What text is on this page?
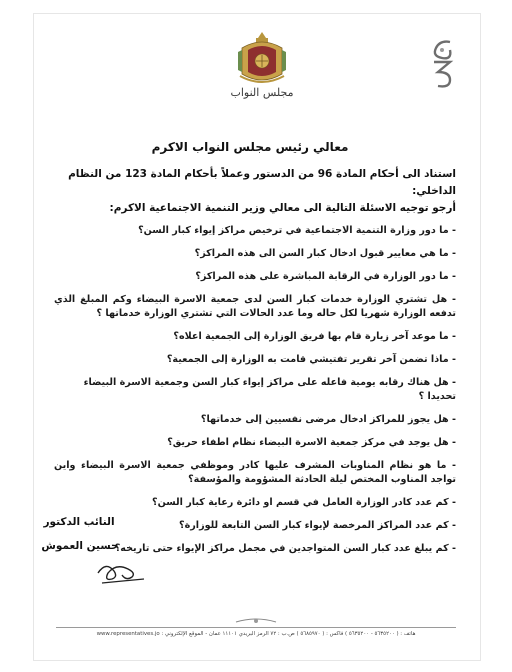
مجلس النواب
معالي رئيس مجلس النواب الاكرم
استناد الى أحكام المادة 96 من الدستور وعملاً بأحكام المادة 123 من النظام الداخلي:
أرجو توجيه الاسئلة التالية الى معالي وزير التنمية الاجتماعية الاكرم:
- ما دور وزارة التنمية الاجتماعية في ترخيص مراكز إيواء كبار السن؟
- ما هي معايير قبول ادخال كبار السن الى هذه المراكز؟
- ما دور الوزارة في الرقابة المباشرة على هذه المراكز؟
- هل تشتري الوزارة خدمات كبار السن لدى جمعية الاسرة البيضاء وكم المبلغ الذي تدفعه الوزارة شهريا لكل حاله وما عدد الحالات التي تشتري الوزارة خدماتها ؟
- ما موعد آخر زيارة قام بها فريق الوزارة إلى الجمعية اعلاه؟
- ماذا تضمن آخر تقرير تفتيشي قامت به الوزارة إلى الجمعية؟
- هل هناك رقابه يومية فاعله على مراكز إيواء كبار السن وجمعية الاسرة البيضاء تحديدا ؟
- هل يجوز للمراكز ادخال مرضى نفسيين إلى خدماتها؟
- هل يوجد في مركز جمعية الاسرة البيضاء نظام اطفاء حريق؟
- ما هو نظام المناوبات المشرف عليها كادر وموظفي جمعية الاسرة البيضاء واين تواجد المناوب المختص ليلة الحادثة المشؤومة والمؤسفة؟
- كم عدد كادر الوزارة العامل في قسم او دائرة رعاية كبار السن؟
- كم عدد المراكز المرخصة لإيواء كبار السن التابعة للوزارة؟
- كم يبلغ عدد كبار السن المتواجدين في مجمل مراكز الإيواء حتى تاريخه؟
النائب الدكتور
حسين العموش
هاتف : ( ٥٦٣٥٢٠٠ - ٥٦٣٥٢٠٠ ) فاكس : ( ٥٦٨٥٩٧٠ ) ص.ب : ٧٢ الرمز البريدي ١١١٠١ عمان - الموقع الإلكتروني : www.representatives.jo
